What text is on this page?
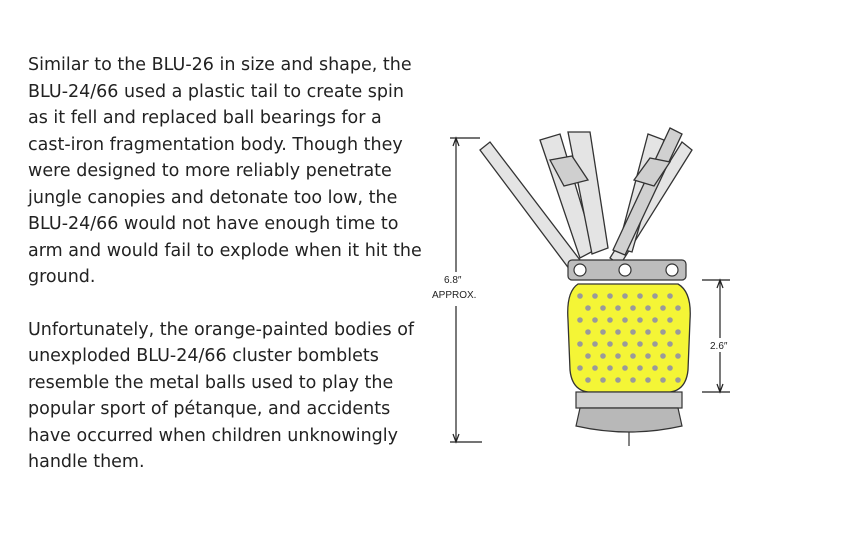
Similar to the BLU-26 in size and shape, the BLU-24/66 used a plastic tail to create spin as it fell and replaced ball bearings for a cast-iron fragmentation body. Though they were designed to more reliably penetrate jungle canopies and detonate too low, the BLU-24/66 would not have enough time to arm and would fail to explode when it hit the ground.

Unfortunately, the orange-painted bodies of unexploded BLU-24/66 cluster bomblets resemble the metal balls used to play the popular sport of pétanque, and accidents have occurred when children unknowingly handle them.

6.8″
APPROX.
2.6″
